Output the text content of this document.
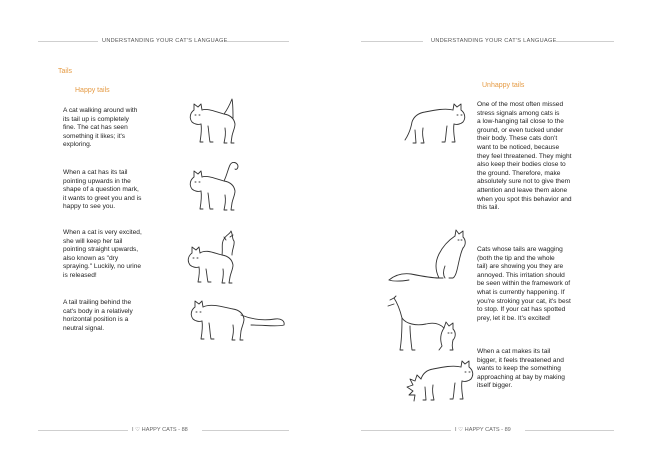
UNDERSTANDING YOUR CAT'S LANGUAGE
Tails
Happy tails
A cat walking around with
its tail up is completely
fine. The cat has seen
something it likes; it's
exploring.
When a cat has its tail
pointing upwards in the
shape of a question mark,
it wants to greet you and is
happy to see you.
When a cat is very excited,
she will keep her tail
pointing straight upwards,
also known as "dry
spraying." Luckily, no urine
is released!
A tail trailing behind the
cat's body in a relatively
horizontal position is a
neutral signal.
I ♡ HAPPY CATS - 88
UNDERSTANDING YOUR CAT'S LANGUAGE
Unhappy tails
One of the most often missed
stress signals among cats is
a low-hanging tail close to the
ground, or even tucked under
their body. These cats don't
want to be noticed, because
they feel threatened. They might
also keep their bodies close to
the ground. Therefore, make
absolutely sure not to give them
attention and leave them alone
when you spot this behavior and
this tail.
Cats whose tails are wagging
(both the tip and the whole
tail) are showing you they are
annoyed. This irritation should
be seen within the framework of
what is currently happening. If
you're stroking your cat, it's best
to stop. If your cat has spotted
prey, let it be. It's excited!
When a cat makes its tail
bigger, it feels threatened and
wants to keep the something
approaching at bay by making
itself bigger.
I ♡ HAPPY CATS - 89
